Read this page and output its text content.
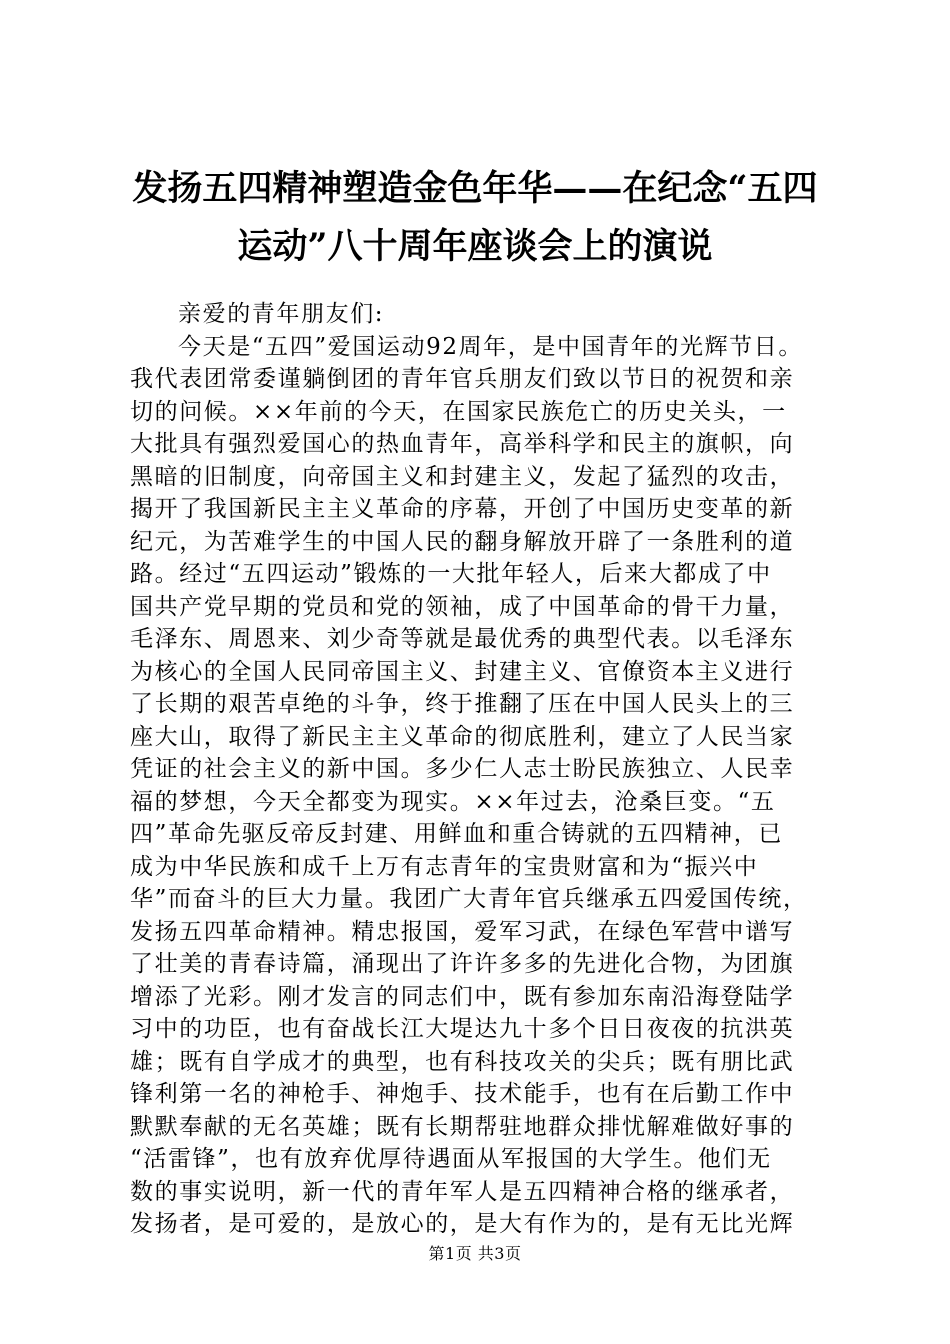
发扬五四精神塑造金色年华——在纪念“五四
运动”八十周年座谈会上的演说
亲爱的青年朋友们:
今天是“五四”爱国运动92周年，是中国青年的光辉节日。
我代表团常委谨躺倒团的青年官兵朋友们致以节日的祝贺和亲
切的问候。××年前的今天，在国家民族危亡的历史关头，一
大批具有强烈爱国心的热血青年，高举科学和民主的旗帜，向
黑暗的旧制度，向帝国主义和封建主义，发起了猛烈的攻击，
揭开了我国新民主主义革命的序幕，开创了中国历史变革的新
纪元，为苦难学生的中国人民的翻身解放开辟了一条胜利的道
路。经过“五四运动”锻炼的一大批年轻人，后来大都成了中
国共产党早期的党员和党的领袖，成了中国革命的骨干力量，
毛泽东、周恩来、刘少奇等就是最优秀的典型代表。以毛泽东
为核心的全国人民同帝国主义、封建主义、官僚资本主义进行
了长期的艰苦卓绝的斗争，终于推翻了压在中国人民头上的三
座大山，取得了新民主主义革命的彻底胜利，建立了人民当家
凭证的社会主义的新中国。多少仁人志士盼民族独立、人民幸
福的梦想，今天全都变为现实。××年过去，沧桑巨变。“五
四”革命先驱反帝反封建、用鲜血和重合铸就的五四精神，已
成为中华民族和成千上万有志青年的宝贵财富和为“振兴中
华”而奋斗的巨大力量。我团广大青年官兵继承五四爱国传统，
发扬五四革命精神。精忠报国，爱军习武，在绿色军营中谱写
了壮美的青春诗篇，涌现出了许许多多的先进化合物，为团旗
增添了光彩。刚才发言的同志们中，既有参加东南沿海登陆学
习中的功臣，也有奋战长江大堤达九十多个日日夜夜的抗洪英
雄；既有自学成才的典型，也有科技攻关的尖兵；既有朋比武
锋利第一名的神枪手、神炮手、技术能手，也有在后勤工作中
默默奉献的无名英雄；既有长期帮驻地群众排忧解难做好事的
“活雷锋”，也有放弃优厚待遇面从军报国的大学生。他们无
数的事实说明，新一代的青年军人是五四精神合格的继承者，
发扬者，是可爱的，是放心的，是大有作为的，是有无比光辉
第1页 共3页
